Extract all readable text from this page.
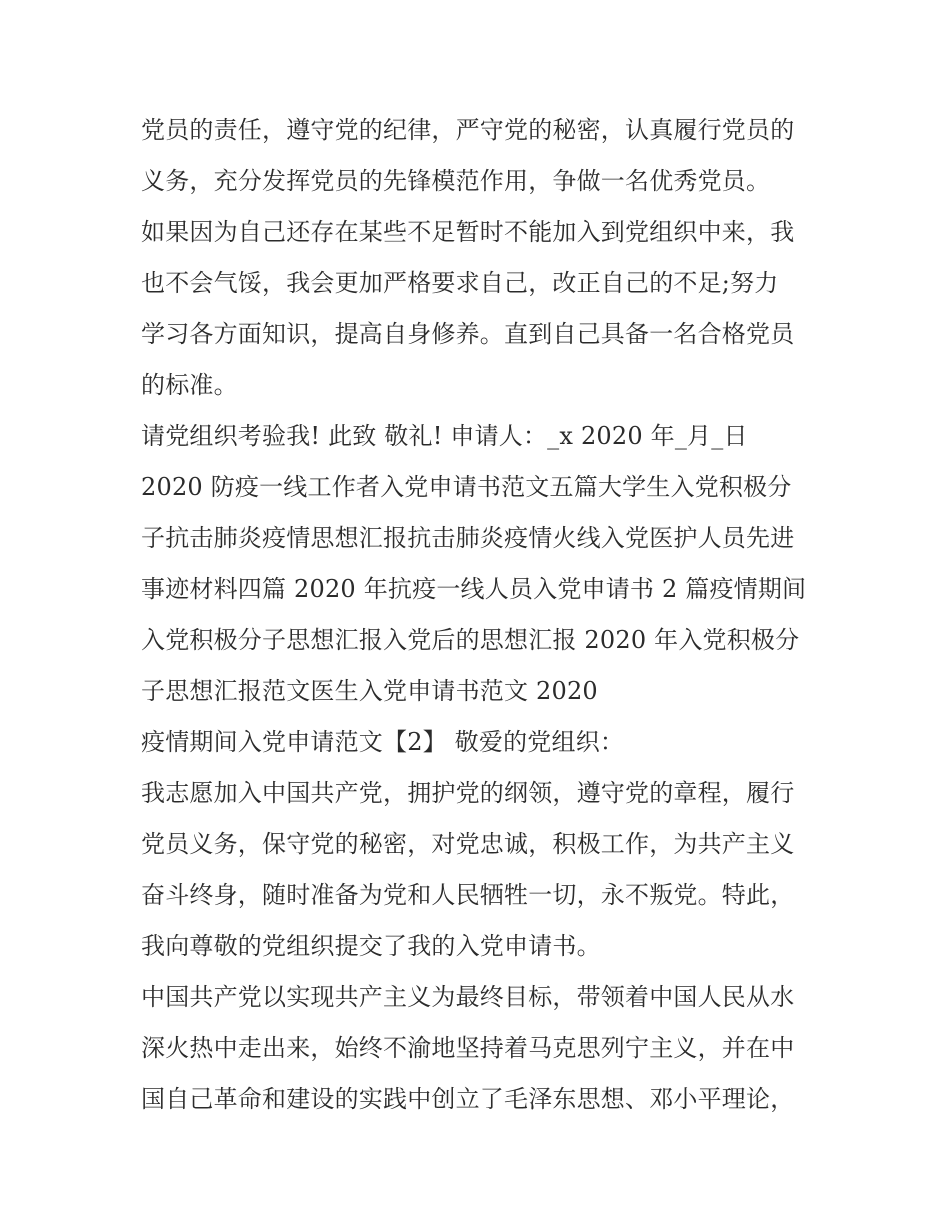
党员的责任，遵守党的纪律，严守党的秘密，认真履行党员的
义务，充分发挥党员的先锋模范作用，争做一名优秀党员。
如果因为自己还存在某些不足暂时不能加入到党组织中来，我
也不会气馁，我会更加严格要求自己，改正自己的不足;努力
学习各方面知识，提高自身修养。直到自己具备一名合格党员
的标准。
请党组织考验我! 此致 敬礼! 申请人：_x 2020 年_月_日
2020 防疫一线工作者入党申请书范文五篇大学生入党积极分
子抗击肺炎疫情思想汇报抗击肺炎疫情火线入党医护人员先进
事迹材料四篇 2020 年抗疫一线人员入党申请书 2 篇疫情期间
入党积极分子思想汇报入党后的思想汇报 2020 年入党积极分
子思想汇报范文医生入党申请书范文 2020
疫情期间入党申请范文【2】 敬爱的党组织：
我志愿加入中国共产党，拥护党的纲领，遵守党的章程，履行
党员义务，保守党的秘密，对党忠诚，积极工作，为共产主义
奋斗终身，随时准备为党和人民牺牲一切，永不叛党。特此，
我向尊敬的党组织提交了我的入党申请书。
中国共产党以实现共产主义为最终目标，带领着中国人民从水
深火热中走出来，始终不渝地坚持着马克思列宁主义，并在中
国自己革命和建设的实践中创立了毛泽东思想、邓小平理论，
